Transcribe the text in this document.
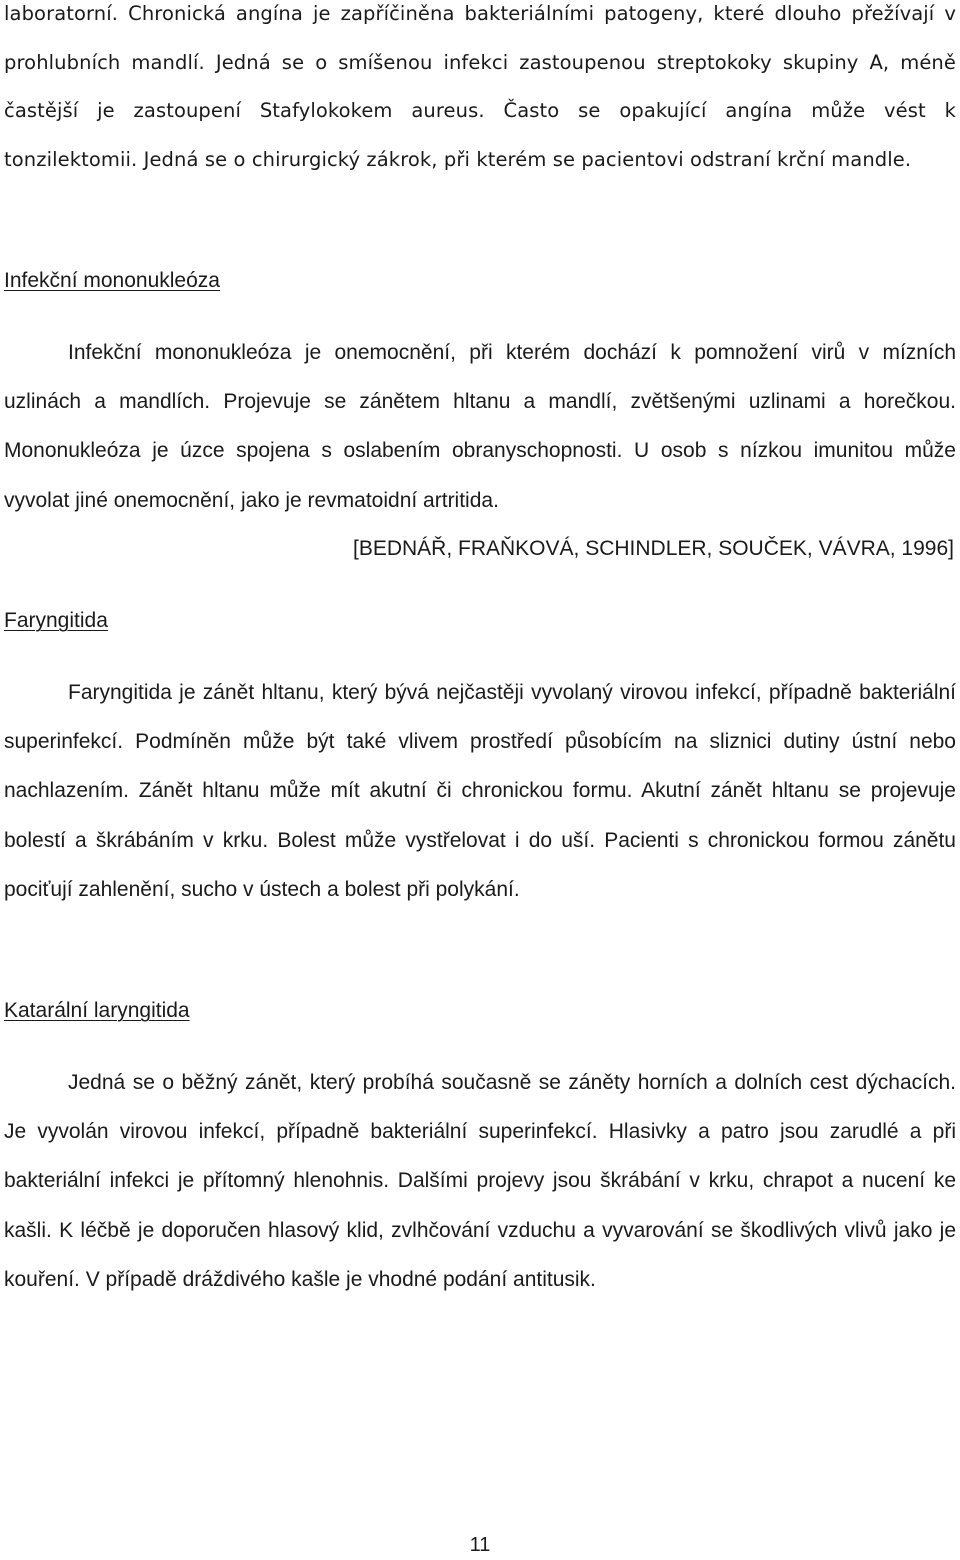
laboratorní. Chronická angína je zapříčiněna bakteriálními patogeny, které dlouho přežívají v prohlubních mandlí. Jedná se o smíšenou infekci zastoupenou streptokoky skupiny A, méně častější je zastoupení Stafylokokem aureus. Často se opakující angína může vést k tonzilektomii. Jedná se o chirurgický zákrok, při kterém se pacientovi odstraní krční mandle.

Infekční mononukleóza

Infekční mononukleóza je onemocnění, při kterém dochází k pomnožení virů v mízních uzlinách a mandlích. Projevuje se zánětem hltanu a mandlí, zvětšenými uzlinami a horečkou. Mononukleóza je úzce spojena s oslabením obranyschopnosti. U osob s nízkou imunitou může vyvolat jiné onemocnění, jako je revmatoidní artritida.

[BEDNÁŘ, FRAŇKOVÁ, SCHINDLER, SOUČEK, VÁVRA, 1996]

Faryngitida

Faryngitida je zánět hltanu, který bývá nejčastěji vyvolaný virovou infekcí, případně bakteriální superinfekcí. Podmíněn může být také vlivem prostředí působícím na sliznici dutiny ústní nebo nachlazením. Zánět hltanu může mít akutní či chronickou formu. Akutní zánět hltanu se projevuje bolestí a škrábáním v krku. Bolest může vystřelovat i do uší. Pacienti s chronickou formou zánětu pociťují zahlenění, sucho v ústech a bolest při polykání.

Katarální laryngitida

Jedná se o běžný zánět, který probíhá současně se záněty horních a dolních cest dýchacích. Je vyvolán virovou infekcí, případně bakteriální superinfekcí. Hlasivky a patro jsou zarudlé a při bakteriální infekci je přítomný hlenohnis. Dalšími projevy jsou škrábání v krku, chrapot a nucení ke kašli. K léčbě je doporučen hlasový klid, zvlhčování vzduchu a vyvarování se škodlivých vlivů jako je kouření. V případě dráždivého kašle je vhodné podání antitusik.

11
